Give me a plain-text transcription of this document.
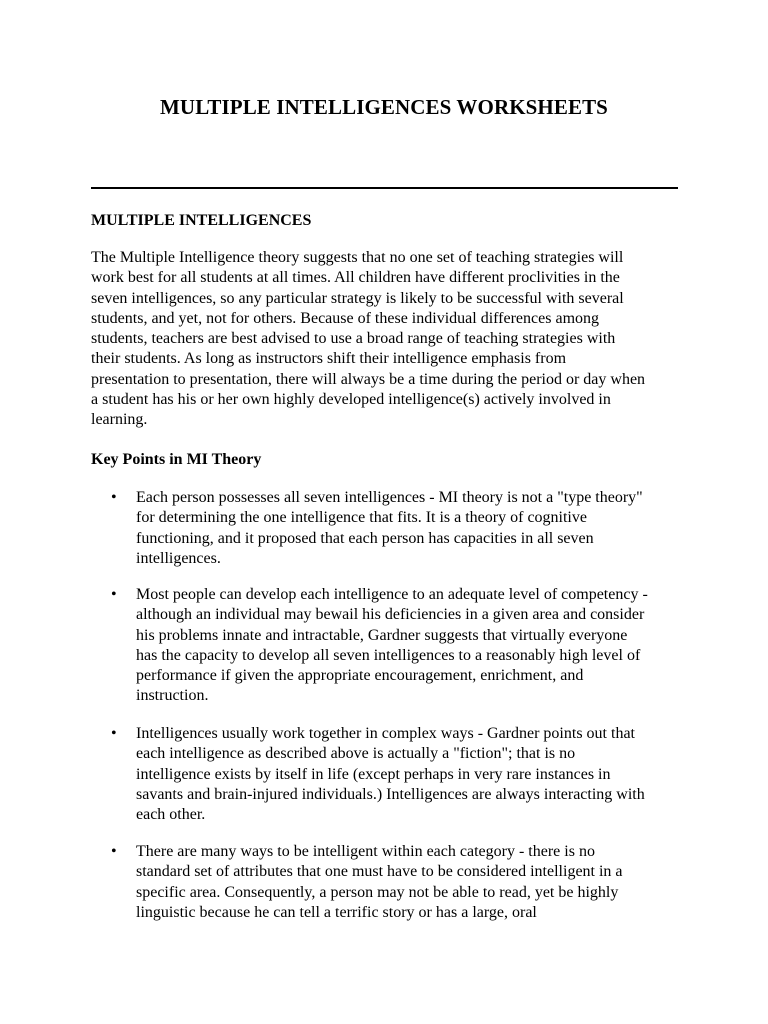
MULTIPLE INTELLIGENCES WORKSHEETS
MULTIPLE INTELLIGENCES

The Multiple Intelligence theory suggests that no one set of teaching strategies will
work best for all students at all times. All children have different proclivities in the
seven intelligences, so any particular strategy is likely to be successful with several
students, and yet, not for others. Because of these individual differences among
students, teachers are best advised to use a broad range of teaching strategies with
their students. As long as instructors shift their intelligence emphasis from
presentation to presentation, there will always be a time during the period or day when
a student has his or her own highly developed intelligence(s) actively involved in
learning.

Key Points in MI Theory
• Each person possesses all seven intelligences - MI theory is not a "type theory"
for determining the one intelligence that fits. It is a theory of cognitive
functioning, and it proposed that each person has capacities in all seven
intelligences.
• Most people can develop each intelligence to an adequate level of competency -
although an individual may bewail his deficiencies in a given area and consider
his problems innate and intractable, Gardner suggests that virtually everyone
has the capacity to develop all seven intelligences to a reasonably high level of
performance if given the appropriate encouragement, enrichment, and
instruction.
• Intelligences usually work together in complex ways - Gardner points out that
each intelligence as described above is actually a "fiction"; that is no
intelligence exists by itself in life (except perhaps in very rare instances in
savants and brain-injured individuals.) Intelligences are always interacting with
each other.
• There are many ways to be intelligent within each category - there is no
standard set of attributes that one must have to be considered intelligent in a
specific area. Consequently, a person may not be able to read, yet be highly
linguistic because he can tell a terrific story or has a large, oral
